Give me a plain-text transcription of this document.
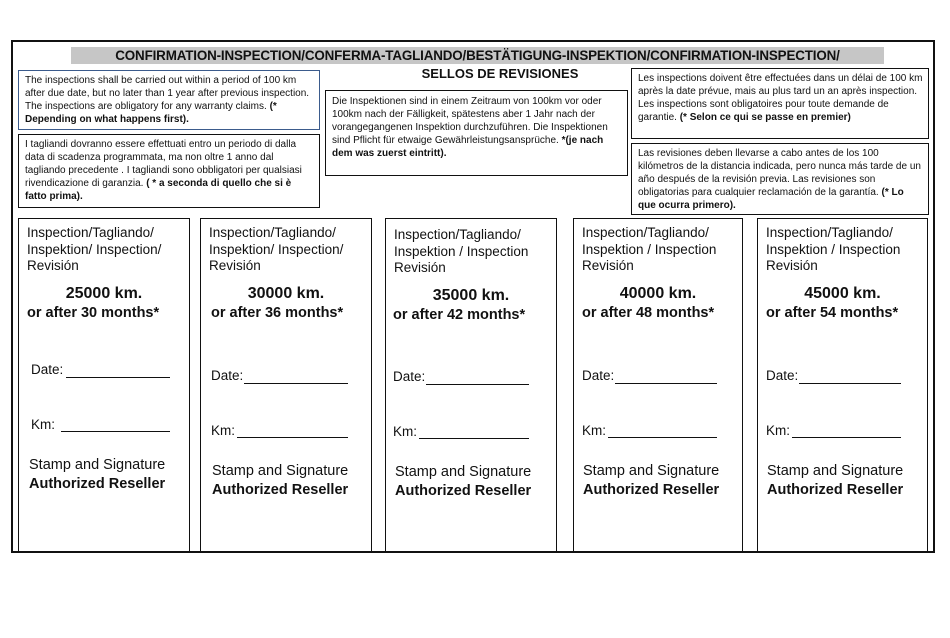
CONFIRMATION-INSPECTION/CONFERMA-TAGLIANDO/BESTÄTIGUNG-INSPEKTION/CONFIRMATION-INSPECTION/
SELLOS DE REVISIONES
The inspections shall be carried out within a period of 100 km after due date, but no later than 1 year after previous inspection. The inspections are obligatory for any warranty claims. (* Depending on what happens first).
I tagliandi dovranno essere effettuati entro un periodo di dalla data di scadenza programmata, ma non oltre 1 anno dal tagliando precedente . I tagliandi sono obbligatori per qualsiasi rivendicazione di garanzia. ( * a seconda di quello che si è fatto prima).
Die Inspektionen sind in einem Zeitraum von 100km vor oder 100km nach der Fälligkeit, spätestens aber 1 Jahr nach der vorangegangenen Inspektion durchzuführen. Die Inspektionen sind Pflicht für etwaige Gewährleistungsansprüche. *(je nach dem was zuerst eintritt).
Les inspections doivent être effectuées dans un délai de 100 km après la date prévue, mais au plus tard un an après inspection. Les inspections sont obligatoires pour toute demande de garantie. (* Selon ce qui se passe en premier)
Las revisiones deben llevarse a cabo antes de los 100 kilómetros de la distancia indicada, pero nunca más tarde de un año después de la revisión previa. Las revisiones son obligatorias para cualquier reclamación de la garantía. (* Lo que ocurra primero).
Inspection/Tagliando/ Inspektion/ Inspection/ Revisión
25000 km.
or after 30 months*
Date:
Km:
Stamp and Signature
Authorized Reseller
Inspection/Tagliando/ Inspektion/ Inspection/ Revisión
30000 km.
or after 36 months*
Date:
Km:
Stamp and Signature
Authorized Reseller
Inspection/Tagliando/ Inspektion / Inspection Revisión
35000 km.
or after 42 months*
Date:
Km:
Stamp and Signature
Authorized Reseller
Inspection/Tagliando/ Inspektion / Inspection Revisión
40000 km.
or after 48 months*
Date:
Km:
Stamp and Signature
Authorized Reseller
Inspection/Tagliando/ Inspektion / Inspection Revisión
45000 km.
or after 54 months*
Date:
Km:
Stamp and Signature
Authorized Reseller
